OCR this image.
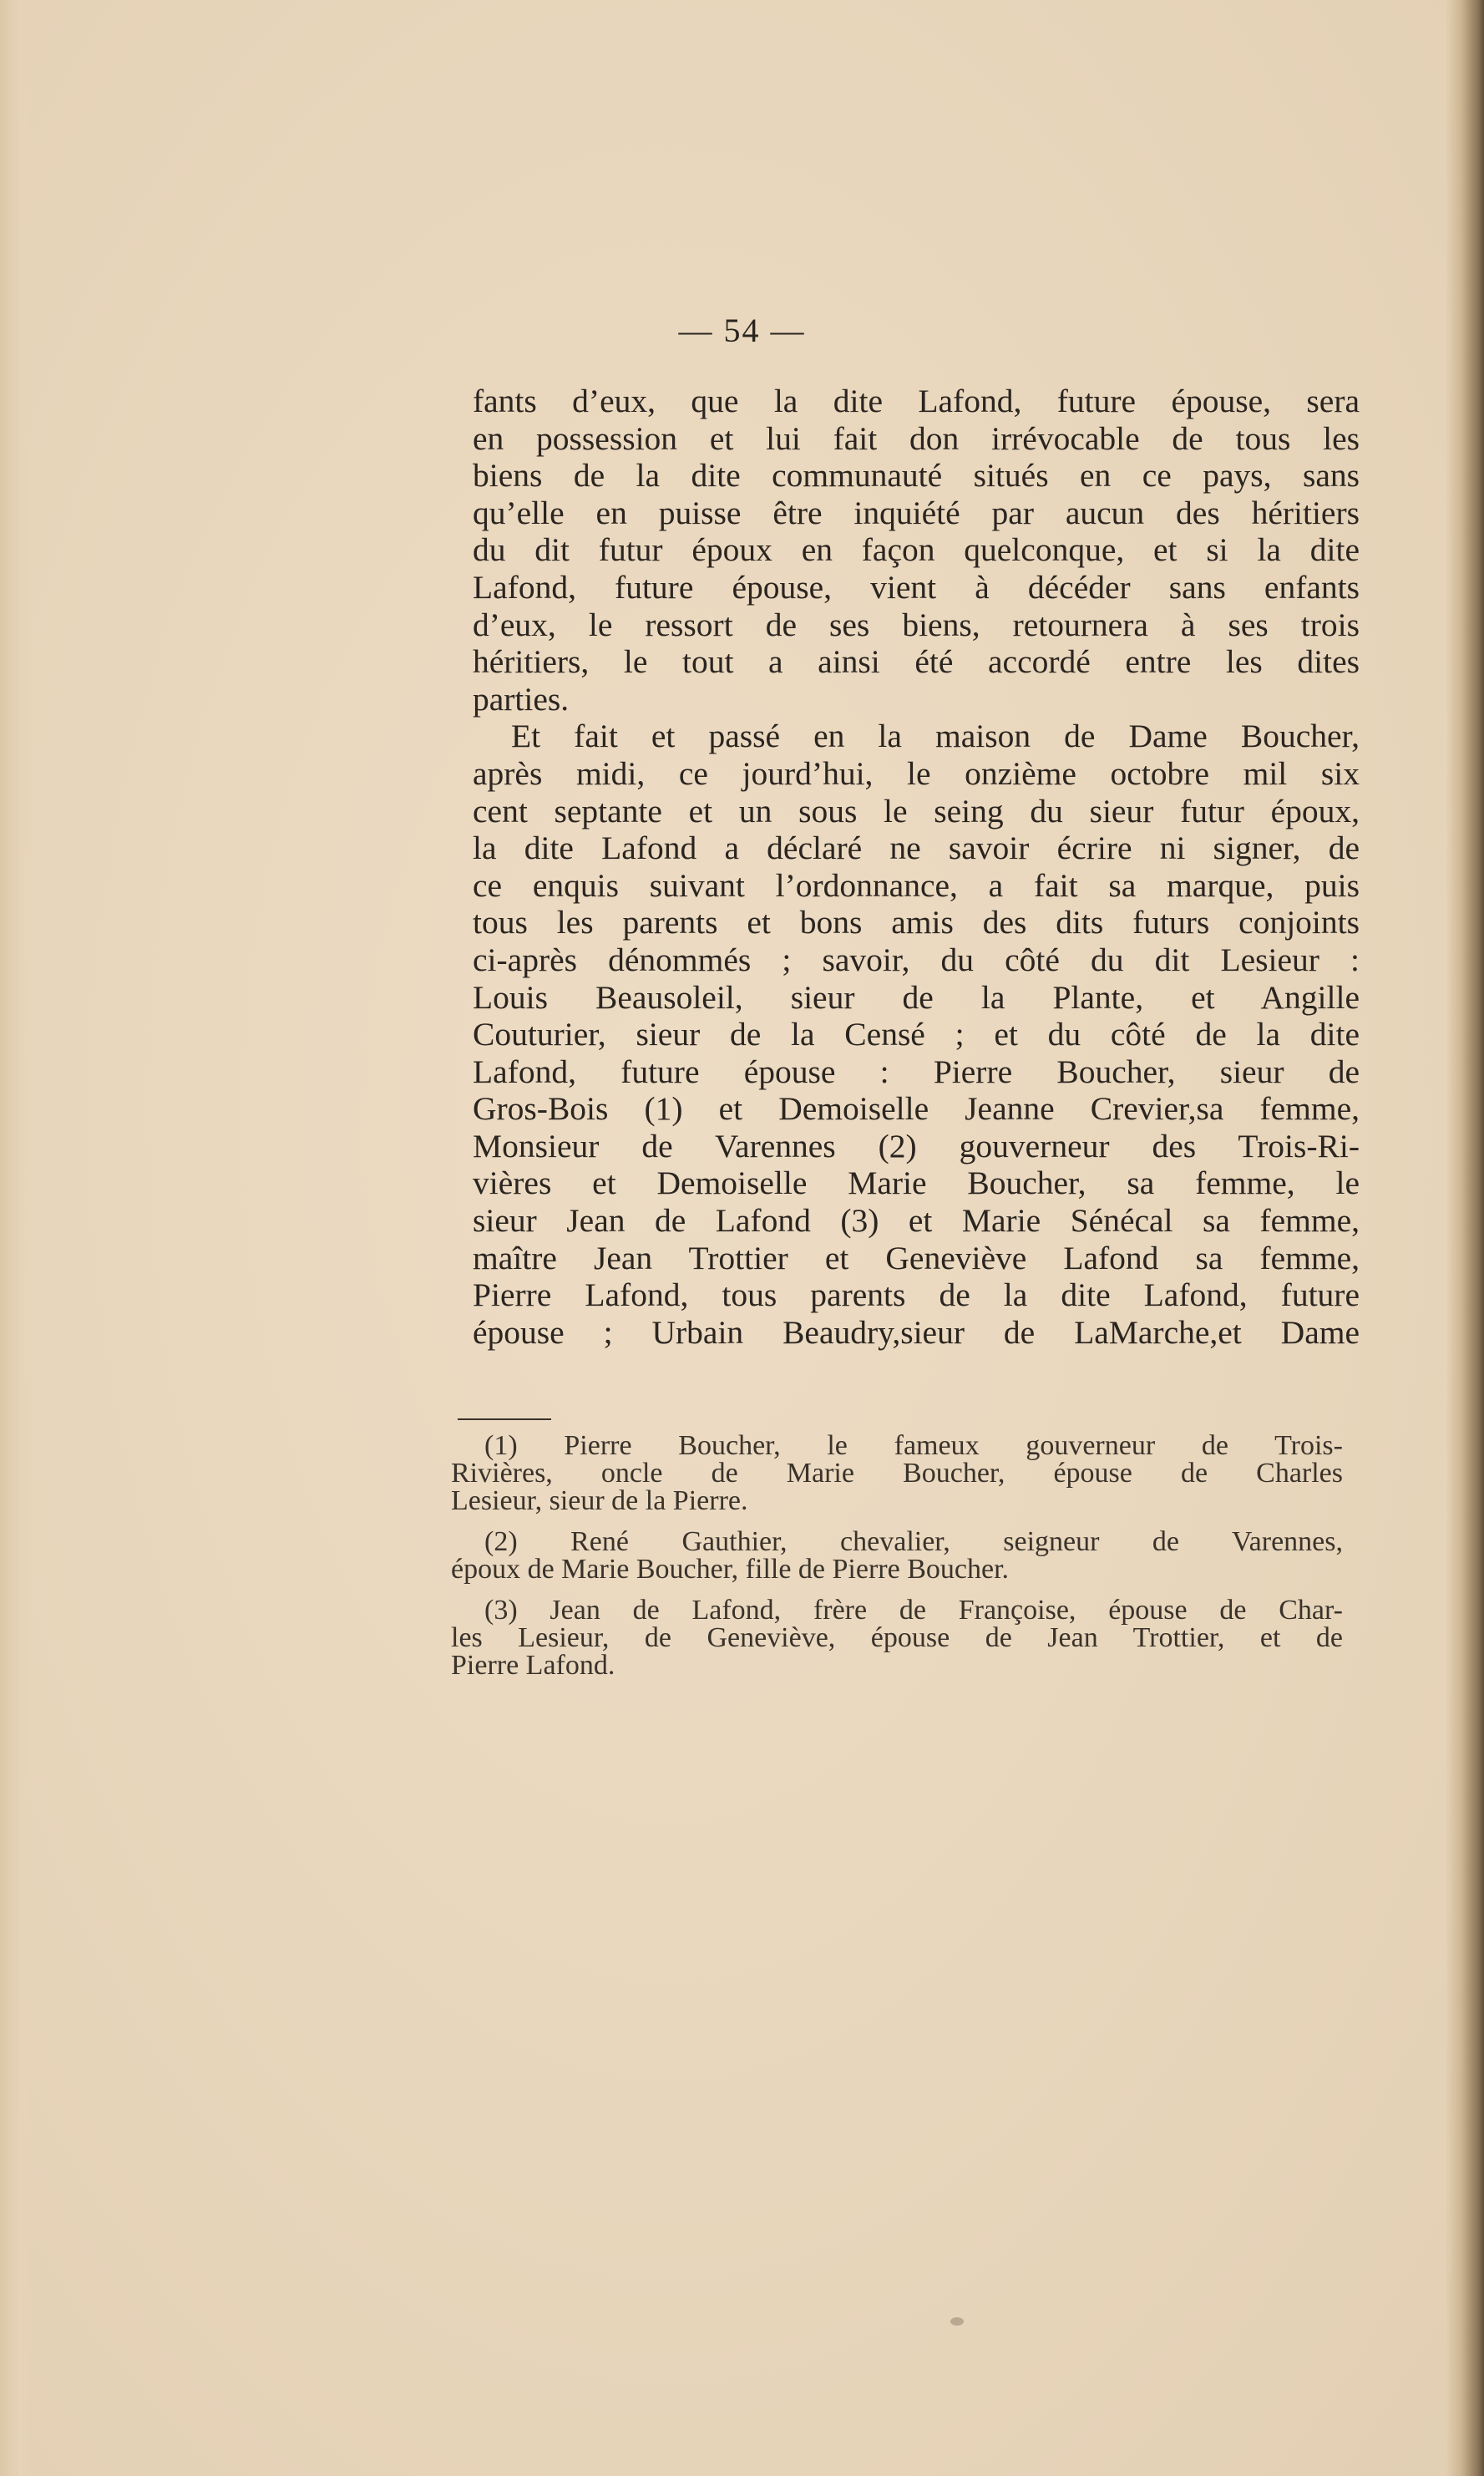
— 54 —
fants d’eux, que la dite Lafond, future épouse, sera
en possession et lui fait don irrévocable de tous les
biens de la dite communauté situés en ce pays, sans
qu’elle en puisse être inquiété par aucun des héritiers
du dit futur époux en façon quelconque, et si la dite
Lafond, future épouse, vient à décéder sans enfants
d’eux, le ressort de ses biens, retournera à ses trois
héritiers, le tout a ainsi été accordé entre les dites
parties.
Et fait et passé en la maison de Dame Boucher,
après midi, ce jourd’hui, le onzième octobre mil six
cent septante et un sous le seing du sieur futur époux,
la dite Lafond a déclaré ne savoir écrire ni signer, de
ce enquis suivant l’ordonnance, a fait sa marque, puis
tous les parents et bons amis des dits futurs conjoints
ci-après dénommés ; savoir, du côté du dit Lesieur :
Louis Beausoleil, sieur de la Plante, et Angille
Couturier, sieur de la Censé ; et du côté de la dite
Lafond, future épouse : Pierre Boucher, sieur de
Gros-Bois (1) et Demoiselle Jeanne Crevier,sa femme,
Monsieur de Varennes (2) gouverneur des Trois-Ri-
vières et Demoiselle Marie Boucher, sa femme, le
sieur Jean de Lafond (3) et Marie Sénécal sa femme,
maître Jean Trottier et Geneviève Lafond sa femme,
Pierre Lafond, tous parents de la dite Lafond, future
épouse ; Urbain Beaudry,sieur de LaMarche,et Dame
(1) Pierre Boucher, le fameux gouverneur de Trois-
Rivières, oncle de Marie Boucher, épouse de Charles
Lesieur, sieur de la Pierre.
(2) René Gauthier, chevalier, seigneur de Varennes,
époux de Marie Boucher, fille de Pierre Boucher.
(3) Jean de Lafond, frère de Françoise, épouse de Char-
les Lesieur, de Geneviève, épouse de Jean Trottier, et de
Pierre Lafond.
